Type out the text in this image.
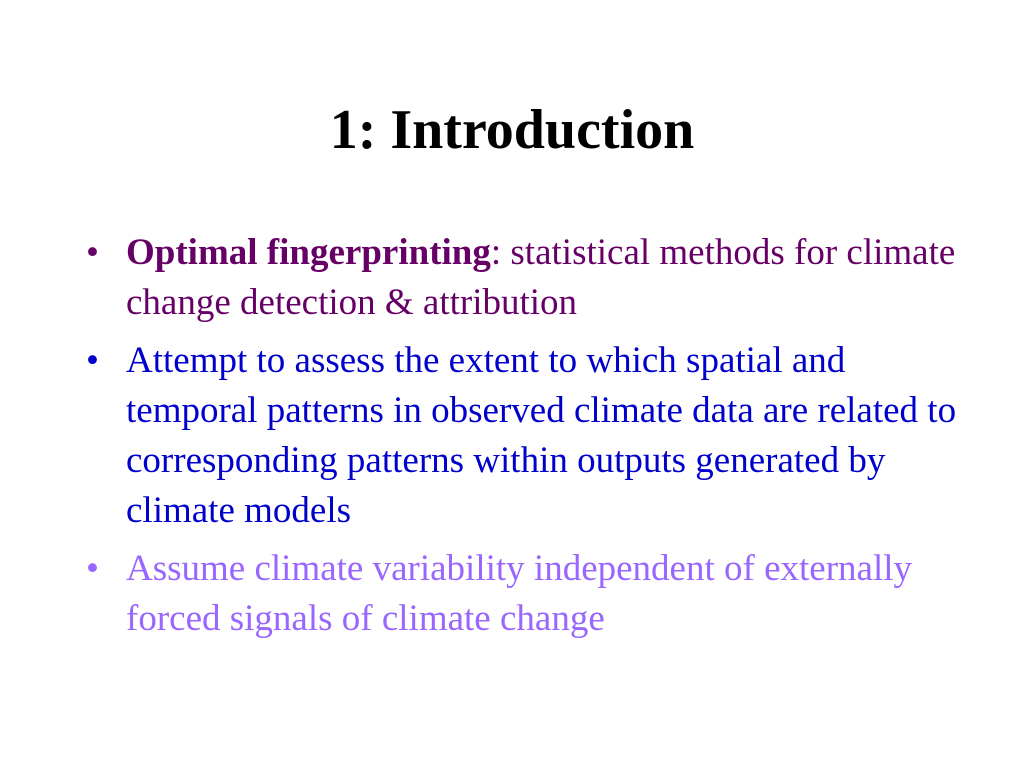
1: Introduction
• Optimal fingerprinting: statistical methods for climate change detection & attribution
• Attempt to assess the extent to which spatial and temporal patterns in observed climate data are related to corresponding patterns within outputs generated by climate models
• Assume climate variability independent of externally forced signals of climate change
